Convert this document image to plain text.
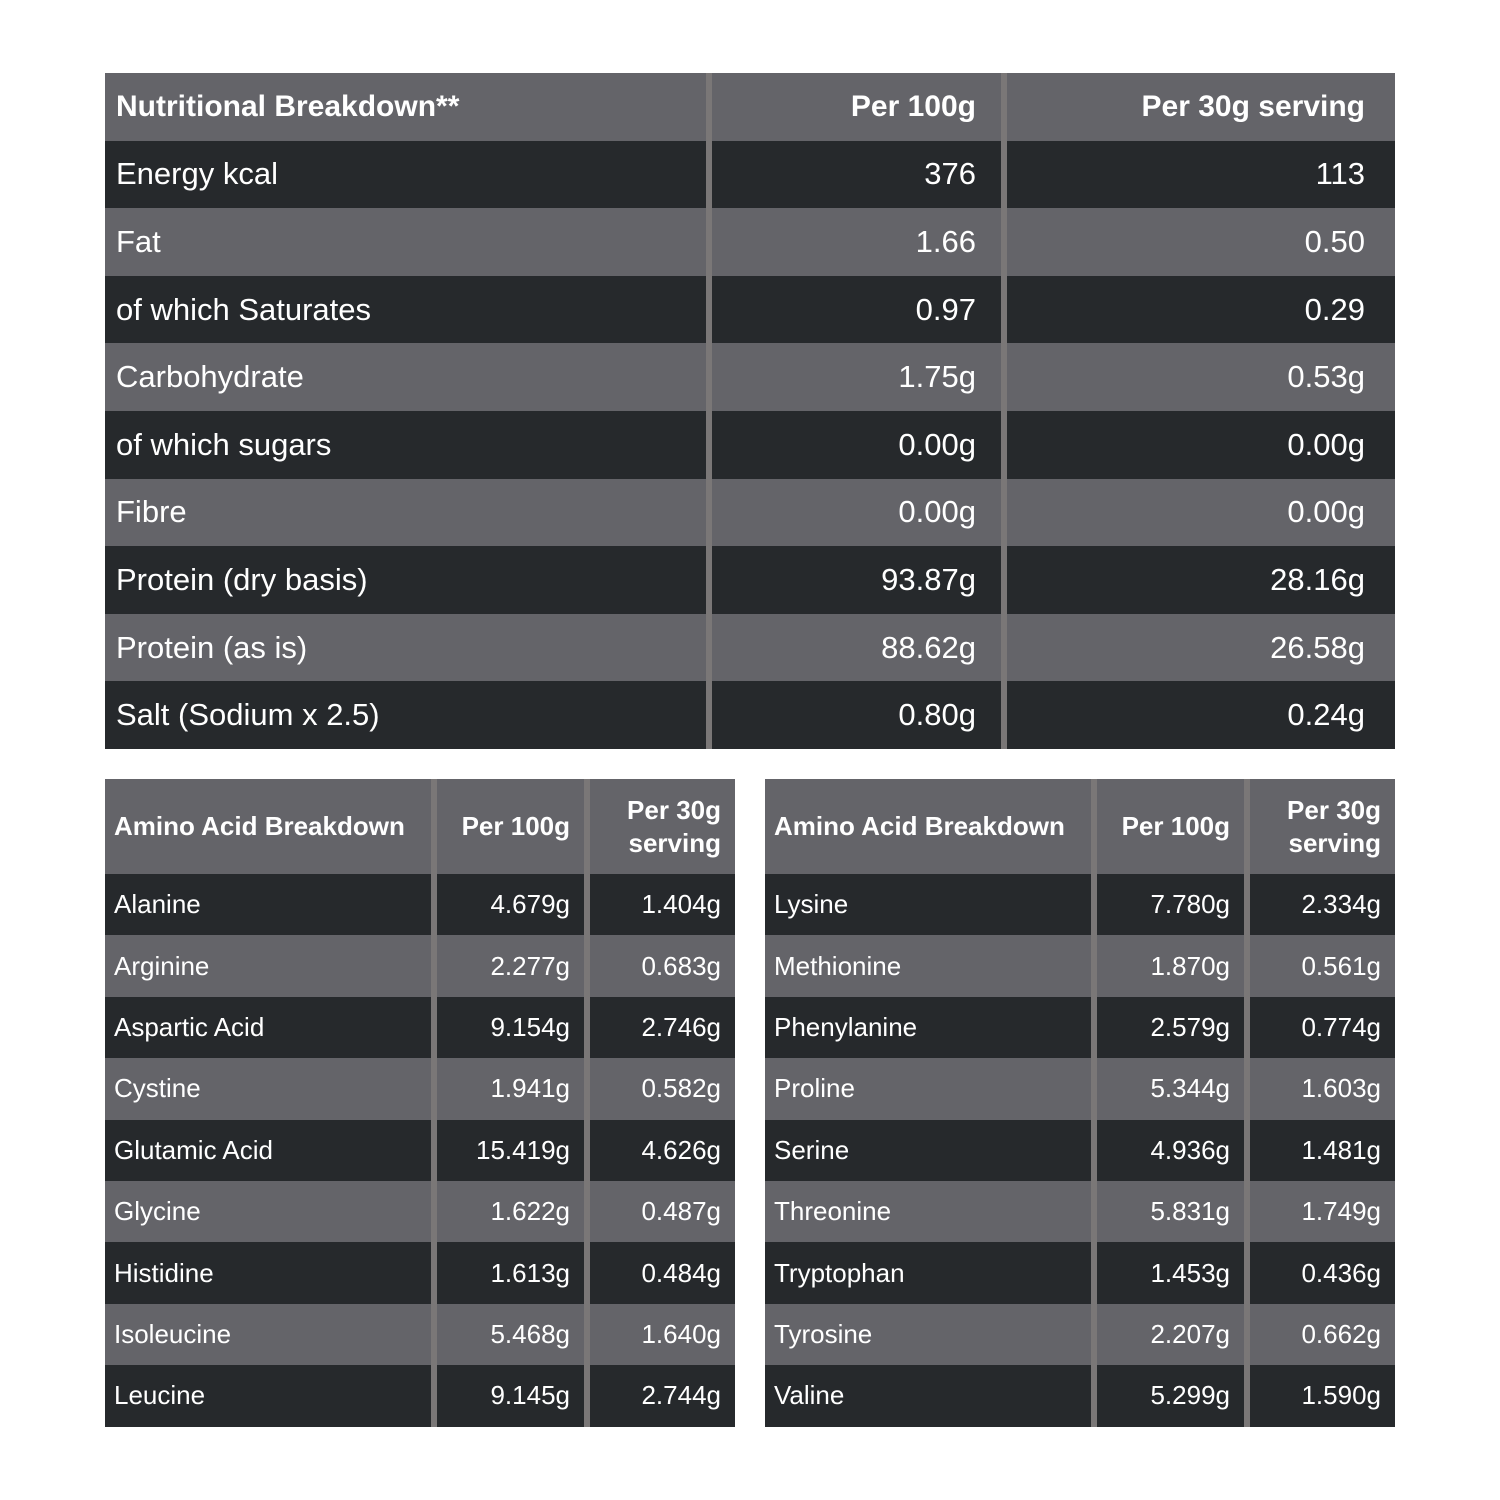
Nutritional Breakdown**	Per 100g	Per 30g serving
Energy kcal	376	113
Fat	1.66	0.50
of which Saturates	0.97	0.29
Carbohydrate	1.75g	0.53g
of which sugars	0.00g	0.00g
Fibre	0.00g	0.00g
Protein (dry basis)	93.87g	28.16g
Protein (as is)	88.62g	26.58g
Salt (Sodium x 2.5)	0.80g	0.24g
Amino Acid Breakdown	Per 100g	Per 30g serving
Alanine	4.679g	1.404g
Arginine	2.277g	0.683g
Aspartic Acid	9.154g	2.746g
Cystine	1.941g	0.582g
Glutamic Acid	15.419g	4.626g
Glycine	1.622g	0.487g
Histidine	1.613g	0.484g
Isoleucine	5.468g	1.640g
Leucine	9.145g	2.744g
Amino Acid Breakdown	Per 100g	Per 30g serving
Lysine	7.780g	2.334g
Methionine	1.870g	0.561g
Phenylanine	2.579g	0.774g
Proline	5.344g	1.603g
Serine	4.936g	1.481g
Threonine	5.831g	1.749g
Tryptophan	1.453g	0.436g
Tyrosine	2.207g	0.662g
Valine	5.299g	1.590g
